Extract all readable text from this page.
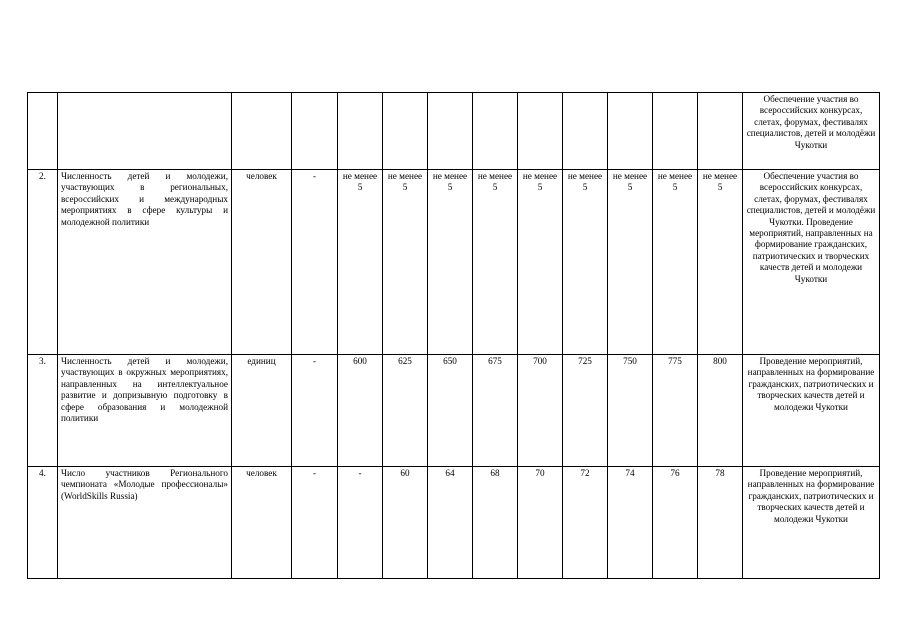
													Обеспечение участия во всероссийских конкурсах, слетах, форумах, фестивалях специалистов, детей и молодёжи Чукотки
2.	Численность детей и молодежи, участвующих в региональных, всероссийских и международных мероприятиях в сфере культуры и молодежной политики	человек	-	не менее 5	не менее 5	не менее 5	не менее 5	не менее 5	не менее 5	не менее 5	не менее 5	не менее 5	Обеспечение участия во всероссийских конкурсах, слетах, форумах, фестивалях специалистов, детей и молодёжи Чукотки. Проведение мероприятий, направленных на формирование гражданских, патриотических и творческих качеств детей и молодежи Чукотки
3.	Численность детей и молодежи, участвующих в окружных мероприятиях, направленных на интеллектуальное развитие и допризывную подготовку в сфере образования и молодежной политики	единиц	-	600	625	650	675	700	725	750	775	800	Проведение мероприятий, направленных на формирование гражданских, патриотических и творческих качеств детей и молодежи Чукотки
4.	Число участников Регионального чемпионата «Молодые профессионалы» (WorldSkills Russia)	человек	-	-	60	64	68	70	72	74	76	78	Проведение мероприятий, направленных на формирование гражданских, патриотических и творческих качеств детей и молодежи Чукотки
